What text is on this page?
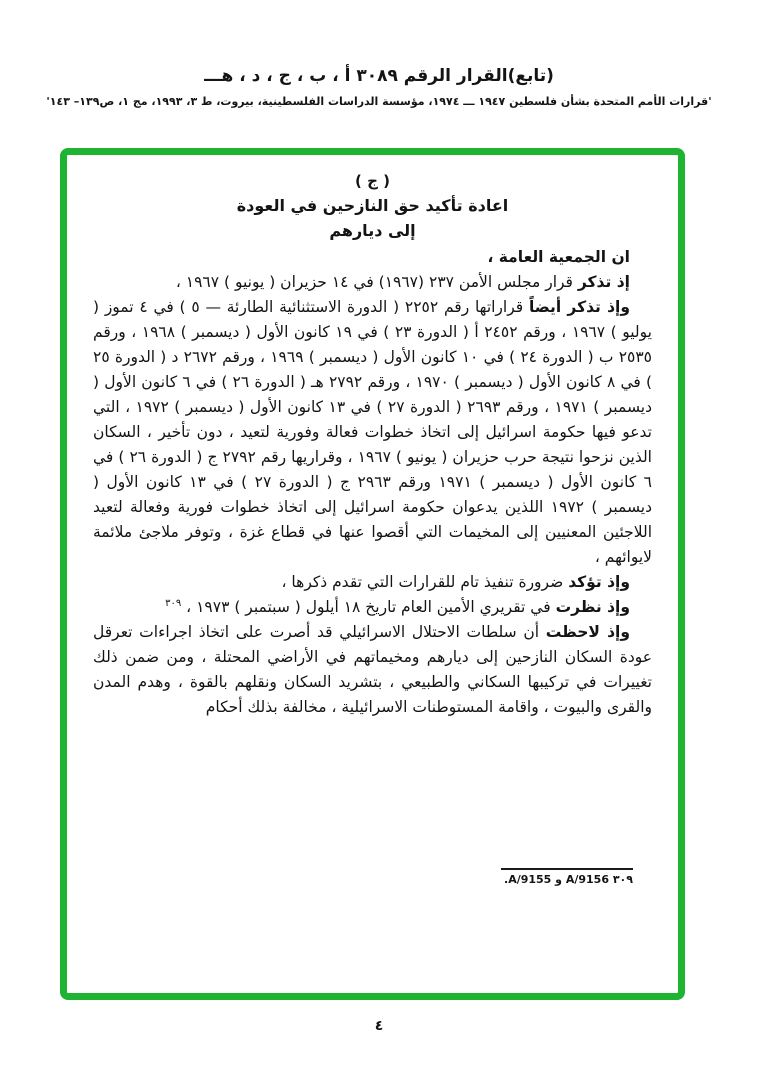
(تابع)القرار الرقم ٣٠٨٩ أ ، ب ، ج ، د ، هـــ
'قرارات الأمم المتحدة بشأن فلسطين ١٩٤٧ ـــ ١٩٧٤، مؤسسة الدراسات الفلسطينية، بيروت، ط ٣، ١٩٩٣، مج ١، ص١٣٩– ١٤٣'
( ج )
اعادة تأكيد حق النازحين في العودة
إلى ديارهم
ان الجمعية العامة ،

إذ تذكر قرار مجلس الأمن ٢٣٧ (١٩٦٧) في ١٤ حزيران ( يونيو ) ١٩٦٧ ،

وإذ تذكر أيضاً قراراتها رقم ٢٢٥٢ ( الدورة الاستثنائية الطارئة — ٥ ) في ٤ تموز ( يوليو ) ١٩٦٧ ، ورقم ٢٤٥٢ أ ( الدورة ٢٣ ) في ١٩ كانون الأول ( ديسمبر ) ١٩٦٨ ، ورقم ٢٥٣٥ ب ( الدورة ٢٤ ) في ١٠ كانون الأول ( ديسمبر ) ١٩٦٩ ، ورقم ٢٦٧٢ د ( الدورة ٢٥ ) في ٨ كانون الأول ( ديسمبر ) ١٩٧٠ ، ورقم ٢٧٩٢ هـ ( الدورة ٢٦ ) في ٦ كانون الأول ( ديسمبر ) ١٩٧١ ، ورقم ٢٦٩٣ ( الدورة ٢٧ ) في ١٣ كانون الأول ( ديسمبر ) ١٩٧٢ ، التي تدعو فيها حكومة اسرائيل إلى اتخاذ خطوات فعالة وفورية لتعيد ، دون تأخير ، السكان الذين نزحوا نتيجة حرب حزيران ( يونيو ) ١٩٦٧ ، وقراريها رقم ٢٧٩٢ ج ( الدورة ٢٦ ) في ٦ كانون الأول ( ديسمبر ) ١٩٧١ ورقم ٢٩٦٣ ج ( الدورة ٢٧ ) في ١٣ كانون الأول ( ديسمبر ) ١٩٧٢ اللذين يدعوان حكومة اسرائيل إلى اتخاذ خطوات فورية وفعالة لتعيد اللاجئين المعنيين إلى المخيمات التي أقصوا عنها في قطاع غزة ، وتوفر ملاجئ ملائمة لايوائهم ،

وإذ تؤكد ضرورة تنفيذ تام للقرارات التي تقدم ذكرها ،

وإذ نظرت في تقريري الأمين العام تاريخ ١٨ أيلول ( سبتمبر ) ١٩٧٣ ، $^{٣٠٩}$

وإذ لاحظت أن سلطات الاحتلال الاسرائيلي قد أصرت على اتخاذ اجراءات تعرقل عودة السكان النازحين إلى ديارهم ومخيماتهم في الأراضي المحتلة ، ومن ضمن ذلك تغييرات في تركيبها السكاني والطبيعي ، بتشريد السكان ونقلهم بالقوة ، وهدم المدن والقرى والبيوت ، واقامة المستوطنات الاسرائيلية ، مخالفة بذلك أحكام

٣٠٩ A/9156 و A/9155.
٤
